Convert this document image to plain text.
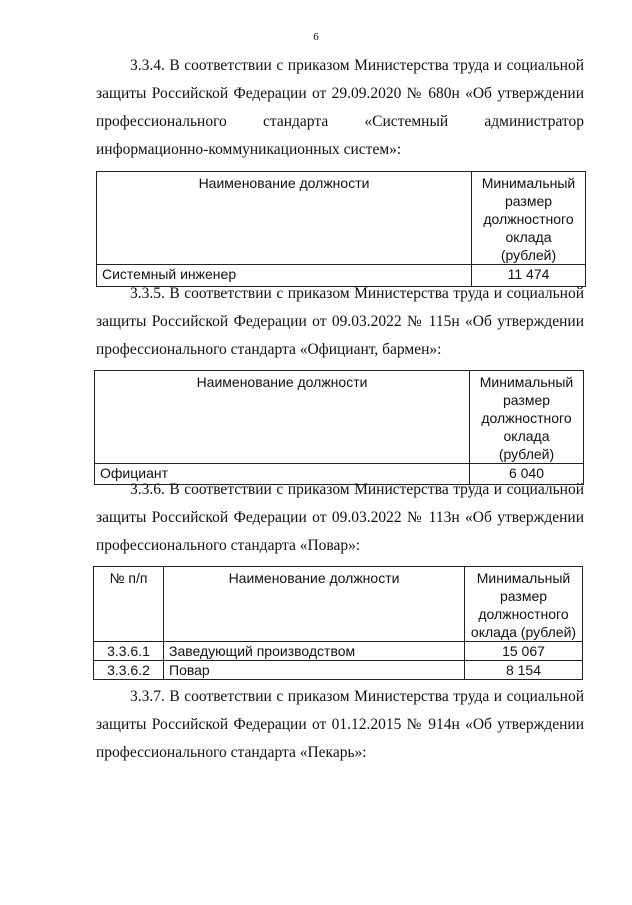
6
3.3.4. В соответствии с приказом Министерства труда и социальной защиты Российской Федерации от 29.09.2020 № 680н «Об утверждении профессионального стандарта «Системный администратор информационно-коммуникационных систем»:
Наименование должности	Минимальный размер должностного оклада (рублей)
Системный инженер	11 474
3.3.5. В соответствии с приказом Министерства труда и социальной защиты Российской Федерации от 09.03.2022 № 115н «Об утверждении профессионального стандарта «Официант, бармен»:
Наименование должности	Минимальный размер должностного оклада (рублей)
Официант	6 040
3.3.6. В соответствии с приказом Министерства труда и социальной защиты Российской Федерации от 09.03.2022 № 113н «Об утверждении профессионального стандарта «Повар»:
№ п/п	Наименование должности	Минимальный размер должностного оклада (рублей)
3.3.6.1	Заведующий производством	15 067
3.3.6.2	Повар	8 154
3.3.7. В соответствии с приказом Министерства труда и социальной защиты Российской Федерации от 01.12.2015 № 914н «Об утверждении профессионального стандарта «Пекарь»:
